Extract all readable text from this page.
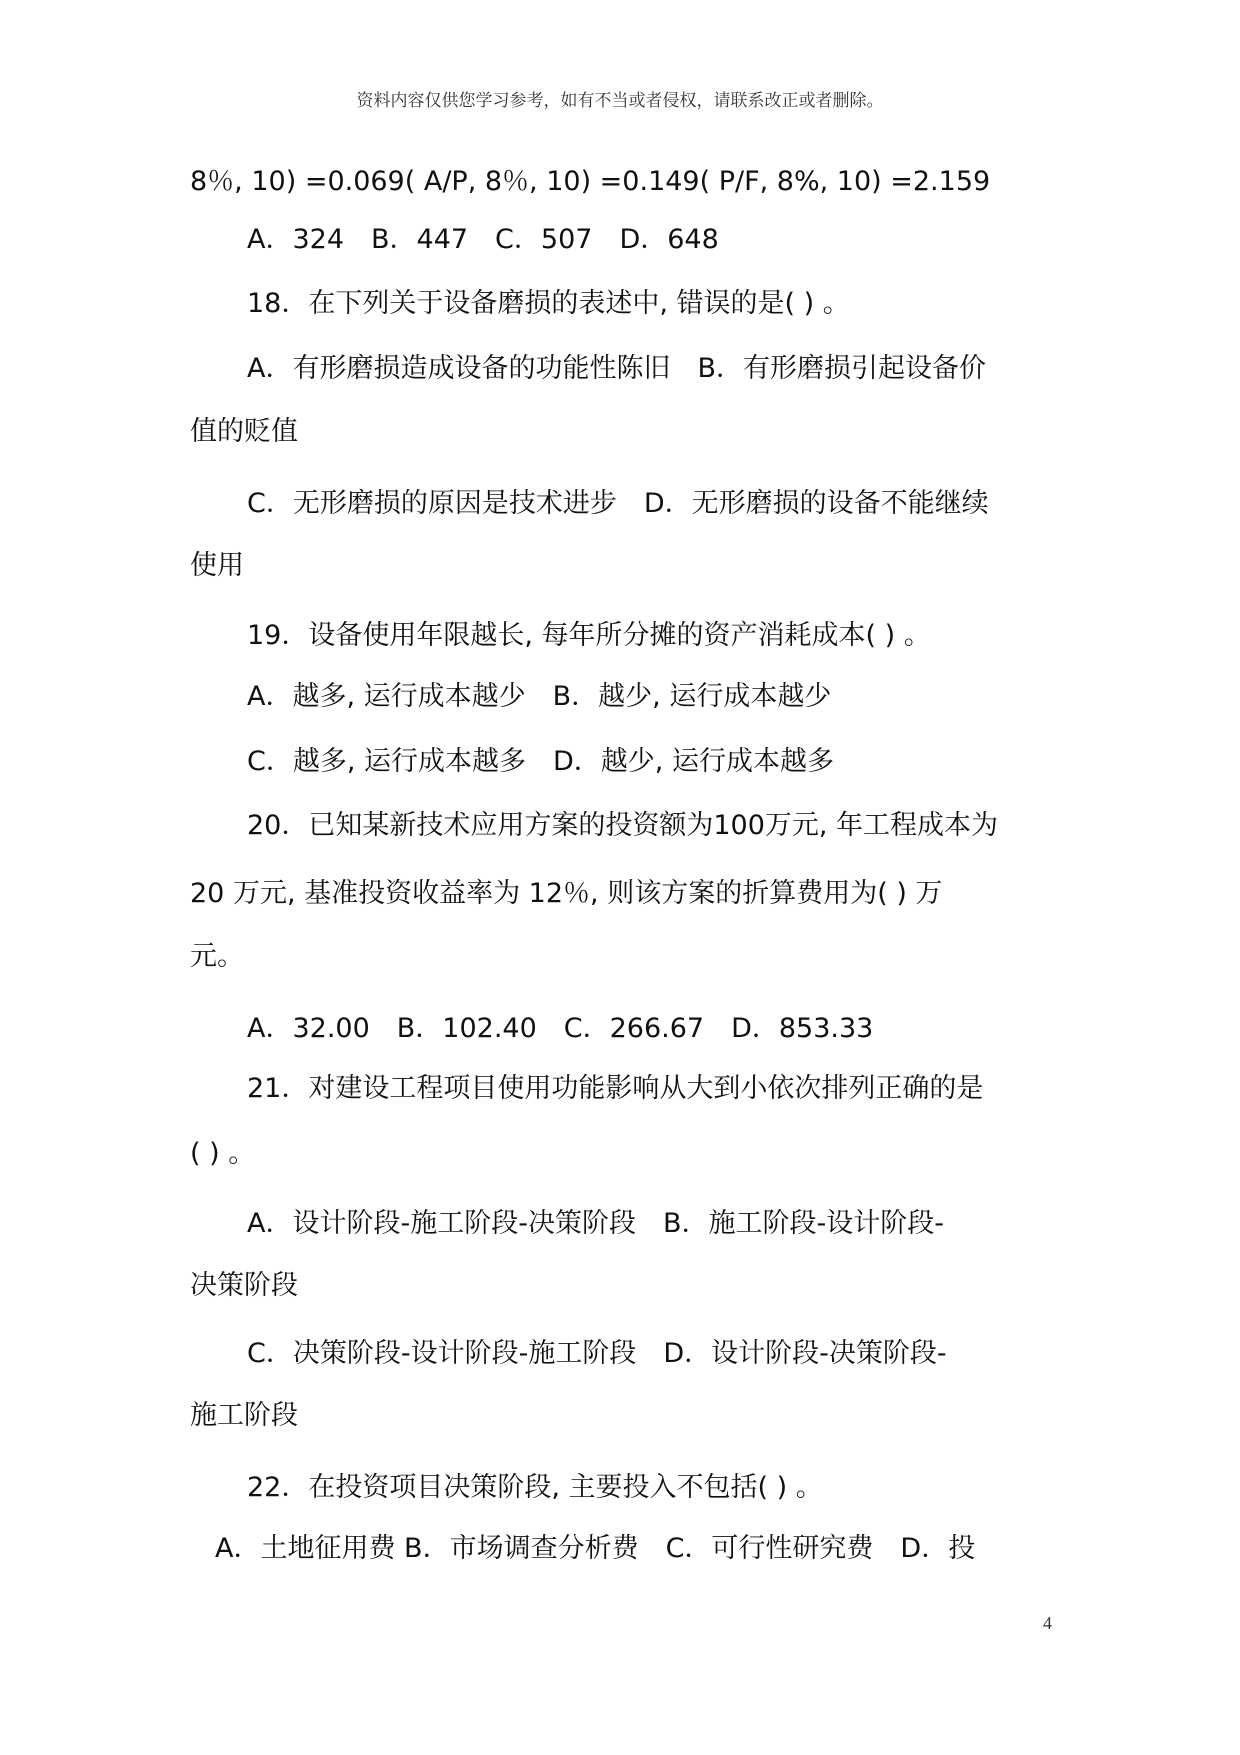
资料内容仅供您学习参考，如有不当或者侵权，请联系改正或者删除。
8％, 10) =0.069( A/P, 8％, 10) =0.149( P/F, 8%, 10) =2.159
A．324　B．447　C．507　D．648
18．在下列关于设备磨损的表述中, 错误的是( ) 。
A．有形磨损造成设备的功能性陈旧　B．有形磨损引起设备价
值的贬值
C．无形磨损的原因是技术进步　D．无形磨损的设备不能继续
使用
19．设备使用年限越长, 每年所分摊的资产消耗成本( ) 。
A．越多, 运行成本越少　B．越少, 运行成本越少
C．越多, 运行成本越多　D．越少, 运行成本越多
20．已知某新技术应用方案的投资额为100万元, 年工程成本为
20 万元, 基准投资收益率为 12％, 则该方案的折算费用为( ) 万
元。
A．32.00　B．102.40　C．266.67　D．853.33
21．对建设工程项目使用功能影响从大到小依次排列正确的是
( ) 。
A．设计阶段-施工阶段-决策阶段　B．施工阶段-设计阶段-
决策阶段
C．决策阶段-设计阶段-施工阶段　D．设计阶段-决策阶段-
施工阶段
22．在投资项目决策阶段, 主要投入不包括( ) 。
A．土地征用费 B．市场调查分析费　C．可行性研究费　D．投
4
